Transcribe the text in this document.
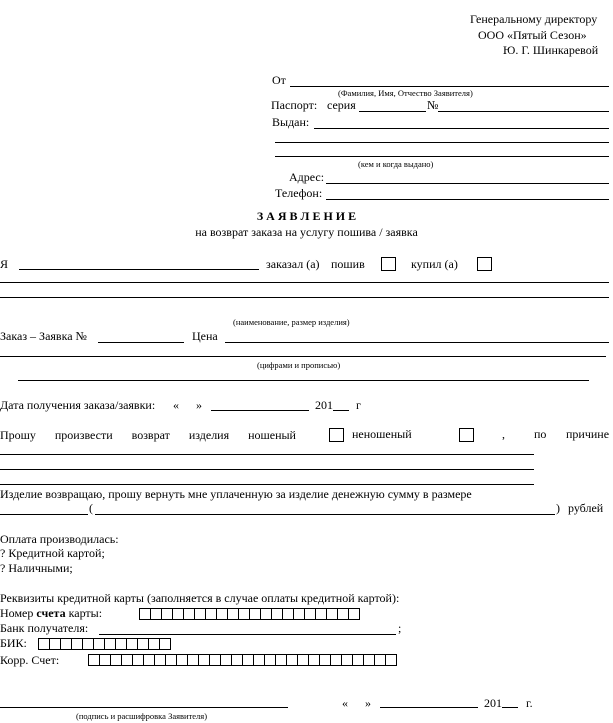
Генеральному директору
ООО «Пятый Сезон»
Ю. Г. Шинкаревой
От
(Фамилия, Имя, Отчество Заявителя)
Паспорт: серия	№
Выдан:
(кем и когда выдано)
Адрес:
Телефон:
З А Я В Л Е Н И Е
на возврат заказа на услугу пошива / заявка
Я	заказал (а) пошив	купил (а)
(наименование, размер изделия)
Заказ – Заявка №	Цена
(цифрами и прописью)
Дата получения заказа/заявки: « »	201 г
Прошу произвести возврат изделия ношеный	неношеный	, по причине
Изделие возвращаю, прошу вернуть мне уплаченную за изделие денежную сумму в размере
(	) рублей
Оплата производилась:
? Кредитной картой;
? Наличными;
Реквизиты кредитной карты (заполняется в случае оплаты кредитной картой):
Номер счета карты:
Банк получателя:	;
БИК:
Корр. Счет:
(подпись и расшифровка Заявителя)
« »	201 г.
